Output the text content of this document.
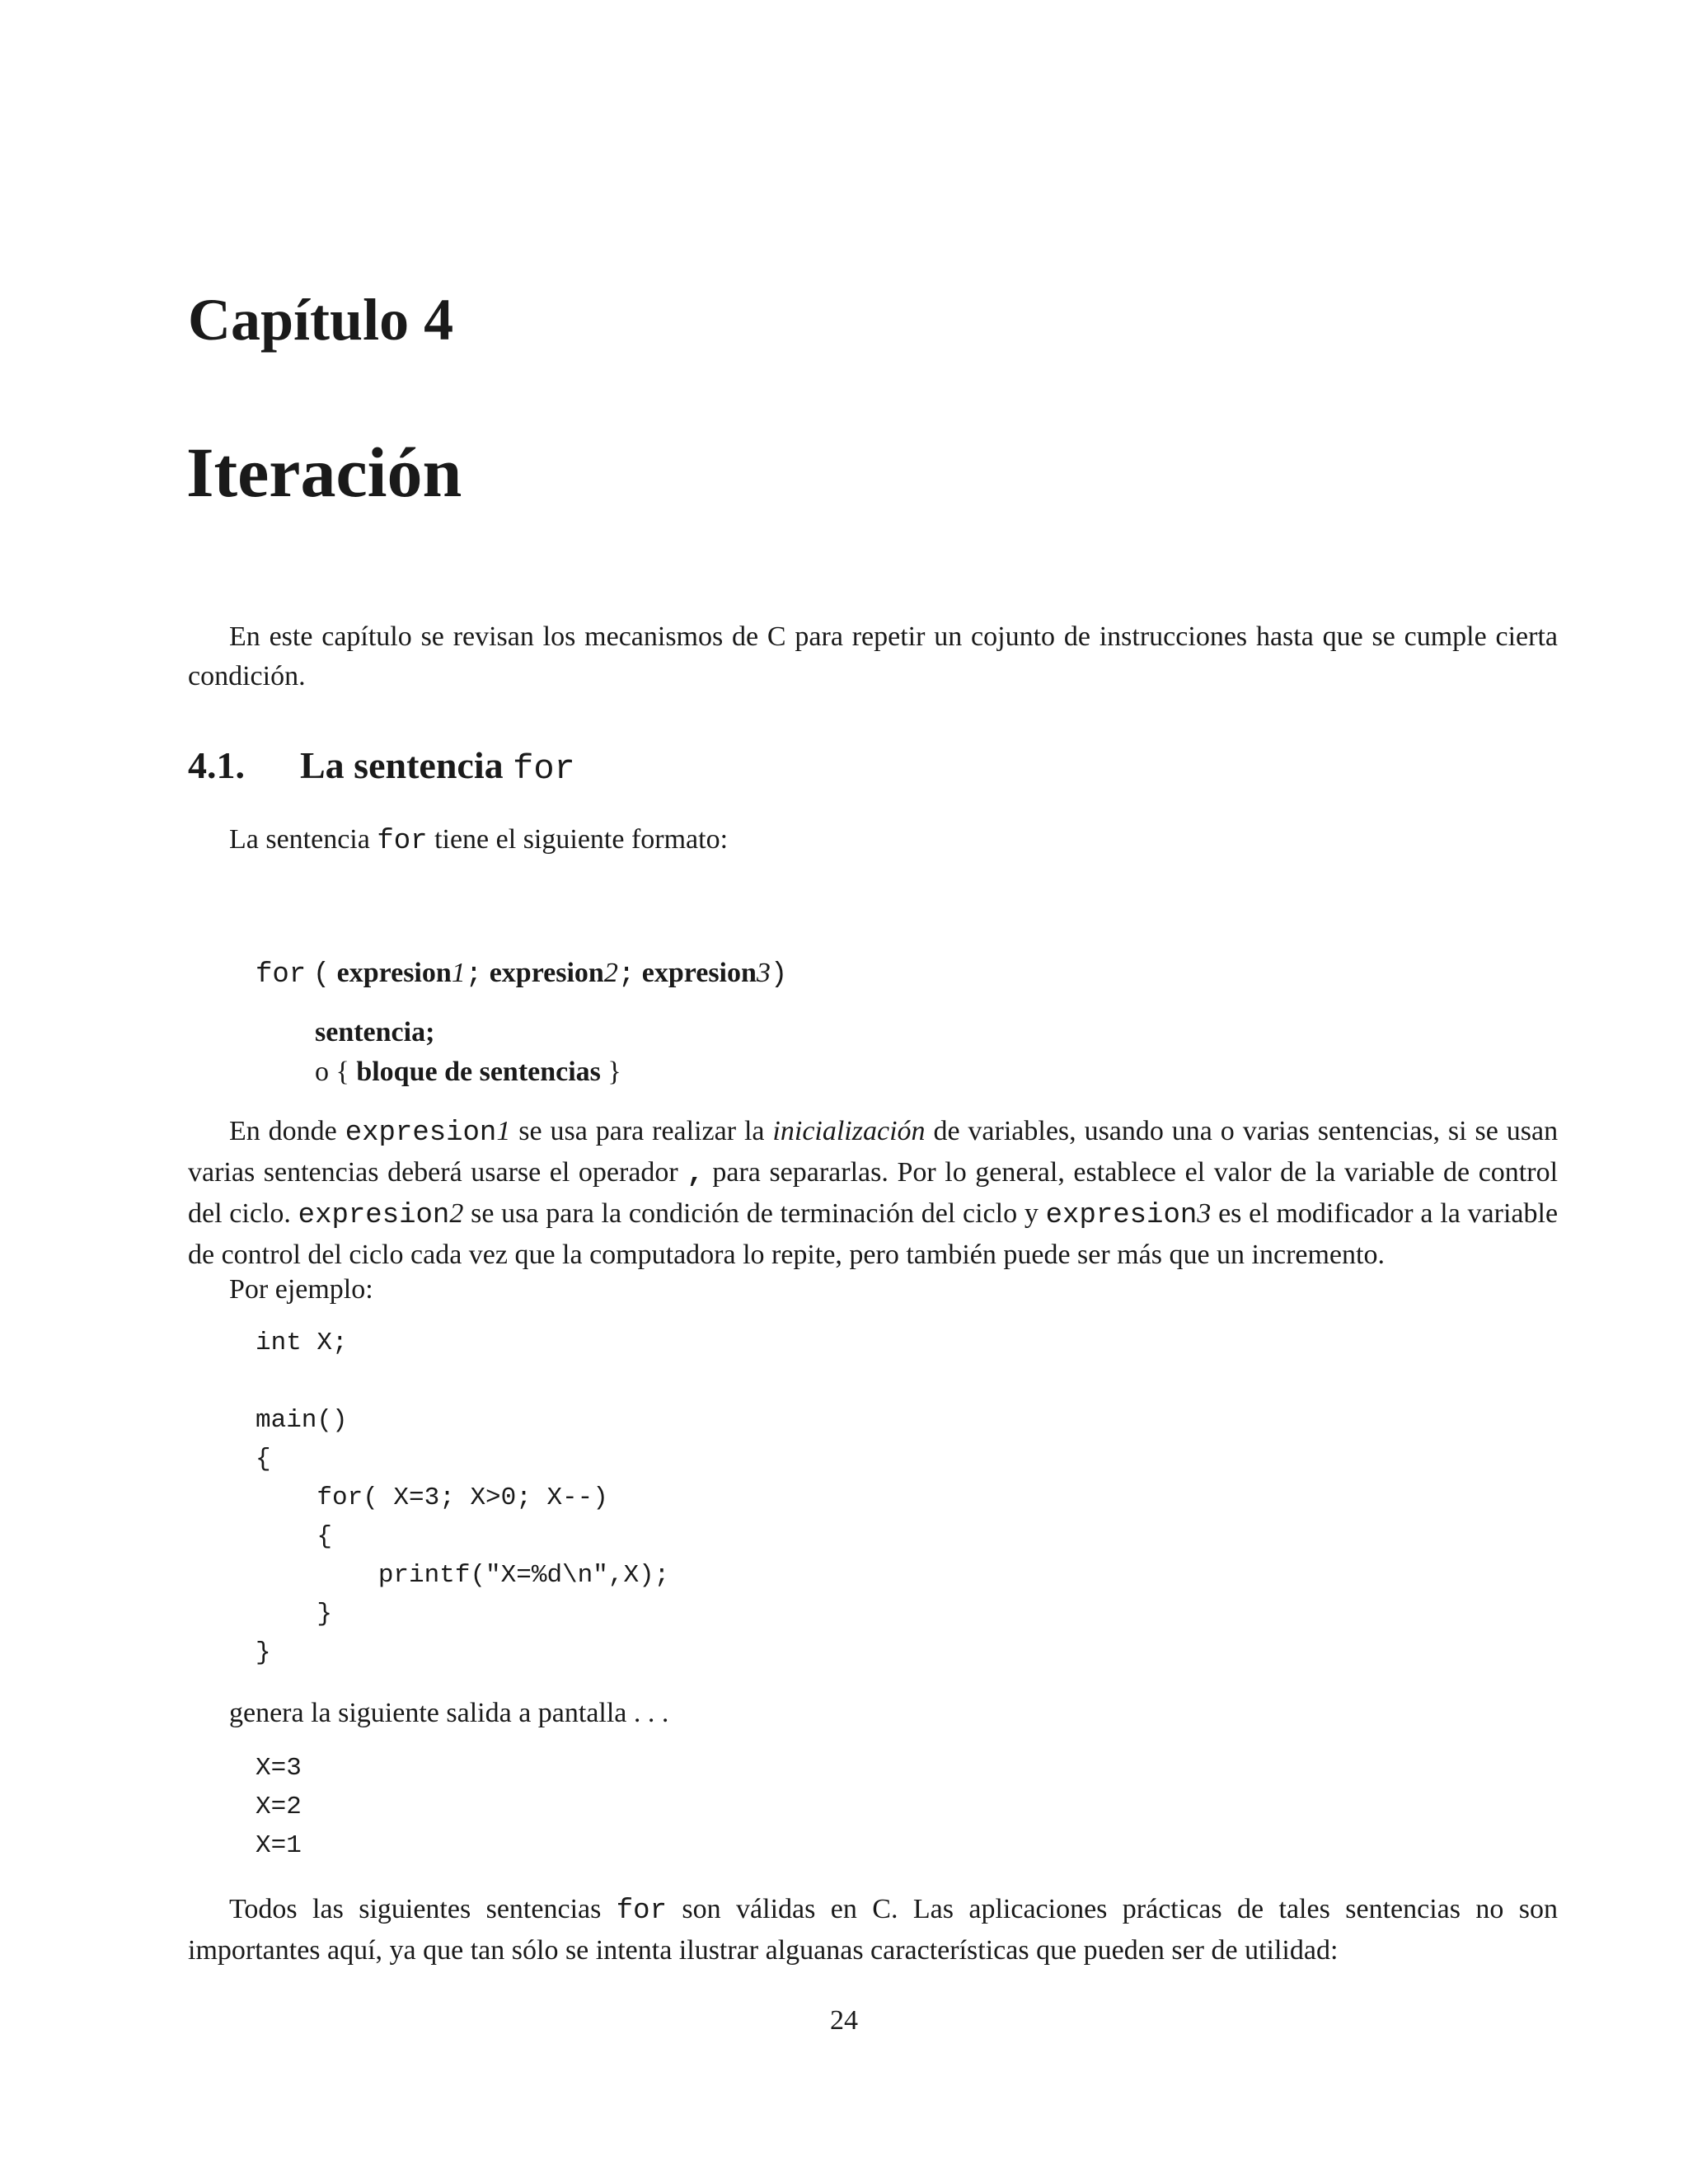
Capítulo 4
Iteración
En este capítulo se revisan los mecanismos de C para repetir un cojunto de instrucciones hasta que se cumple cierta condición.
4.1. La sentencia for
La sentencia for tiene el siguiente formato:
for ( expresion1; expresion2; expresion3)
sentencia;
o { bloque de sentencias }
En donde expresion1 se usa para realizar la inicialización de variables, usando una o varias sentencias, si se usan varias sentencias deberá usarse el operador , para separarlas. Por lo general, establece el valor de la variable de control del ciclo. expresion2 se usa para la condición de terminación del ciclo y expresion3 es el modificador a la variable de control del ciclo cada vez que la computadora lo repite, pero también puede ser más que un incremento.
Por ejemplo:
int X;

main()
{
for( X=3; X>0; X--)
{
printf("X=%d\n",X);
}
}
genera la siguiente salida a pantalla . . .
X=3
X=2
X=1
Todos las siguientes sentencias for son válidas en C. Las aplicaciones prácticas de tales sentencias no son importantes aquí, ya que tan sólo se intenta ilustrar alguanas características que pueden ser de utilidad:
24
